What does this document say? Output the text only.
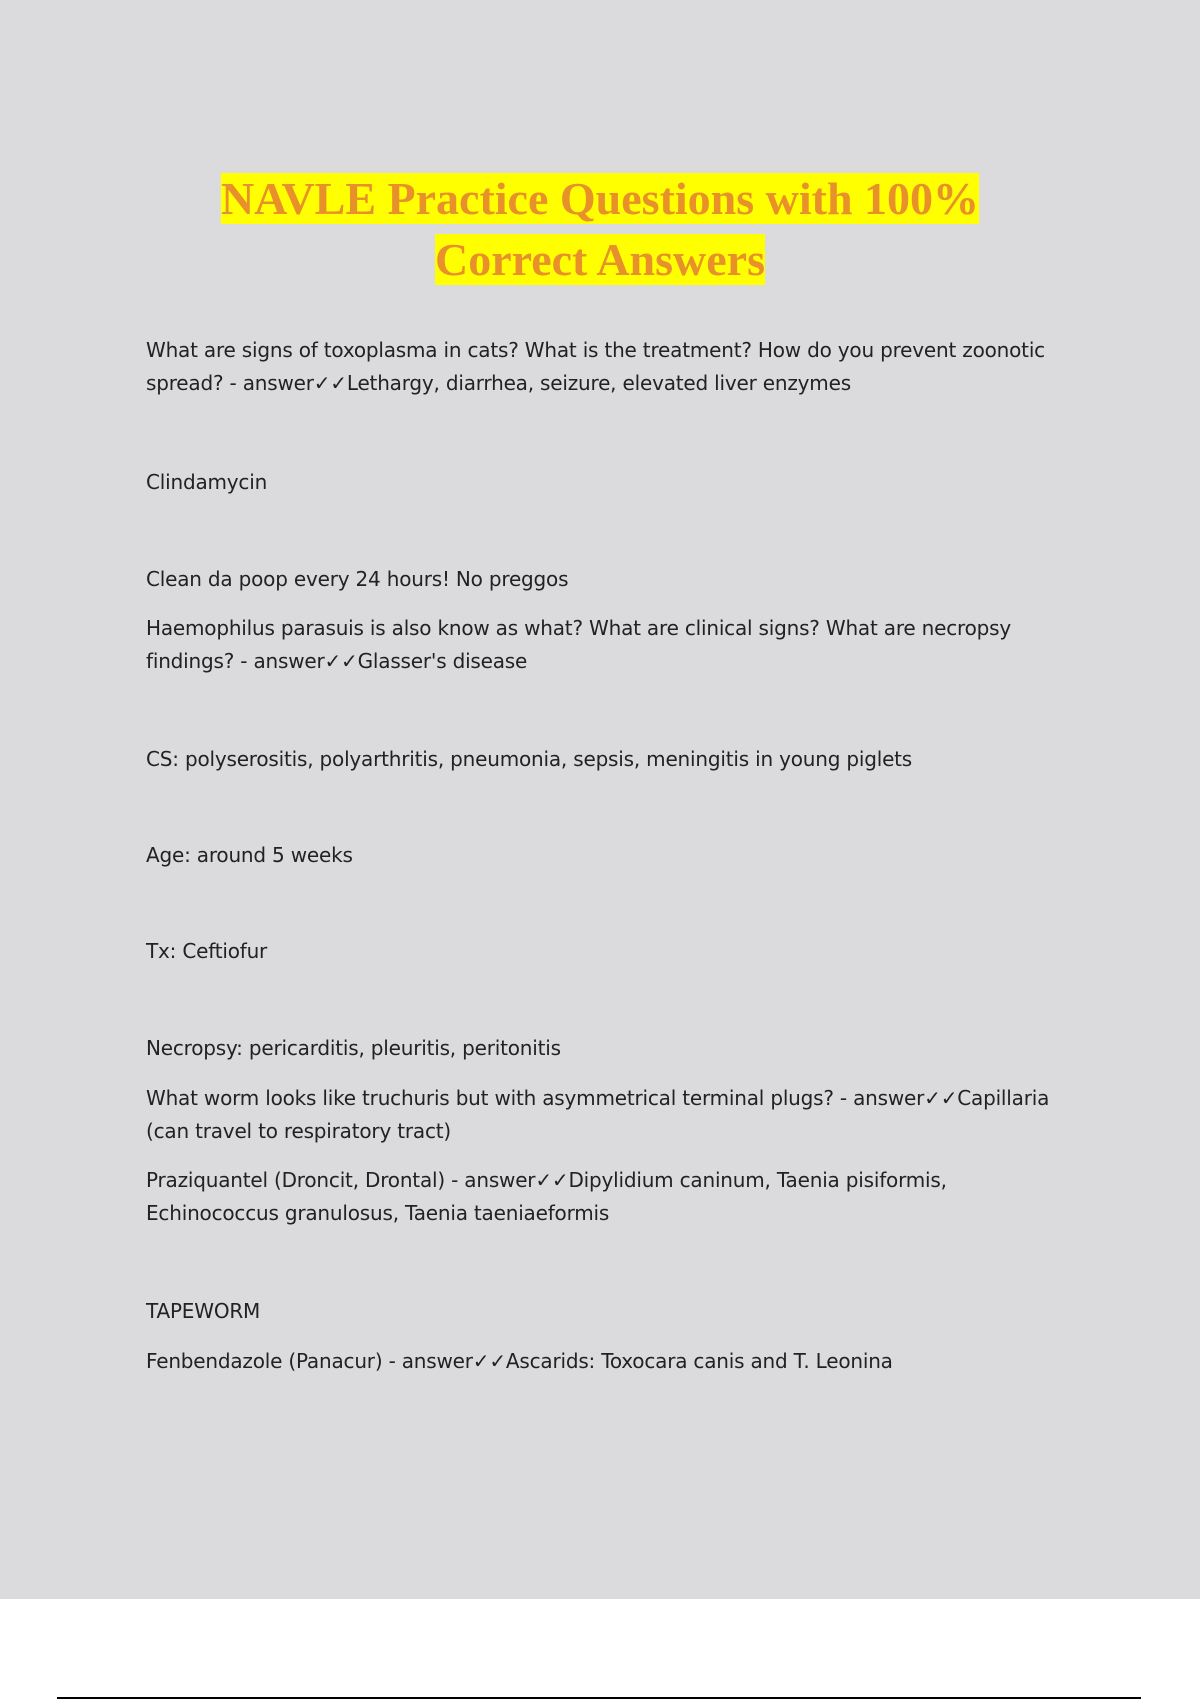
NAVLE Practice Questions with 100%
Correct Answers
What are signs of toxoplasma in cats? What is the treatment? How do you prevent zoonotic
spread? - answer✓✓Lethargy, diarrhea, seizure, elevated liver enzymes
Clindamycin
Clean da poop every 24 hours! No preggos
Haemophilus parasuis is also know as what? What are clinical signs? What are necropsy
findings? - answer✓✓Glasser's disease
CS: polyserositis, polyarthritis, pneumonia, sepsis, meningitis in young piglets
Age: around 5 weeks
Tx: Ceftiofur
Necropsy: pericarditis, pleuritis, peritonitis
What worm looks like truchuris but with asymmetrical terminal plugs? - answer✓✓Capillaria
(can travel to respiratory tract)
Praziquantel (Droncit, Drontal) - answer✓✓Dipylidium caninum, Taenia pisiformis,
Echinococcus granulosus, Taenia taeniaeformis
TAPEWORM
Fenbendazole (Panacur) - answer✓✓Ascarids: Toxocara canis and T. Leonina
